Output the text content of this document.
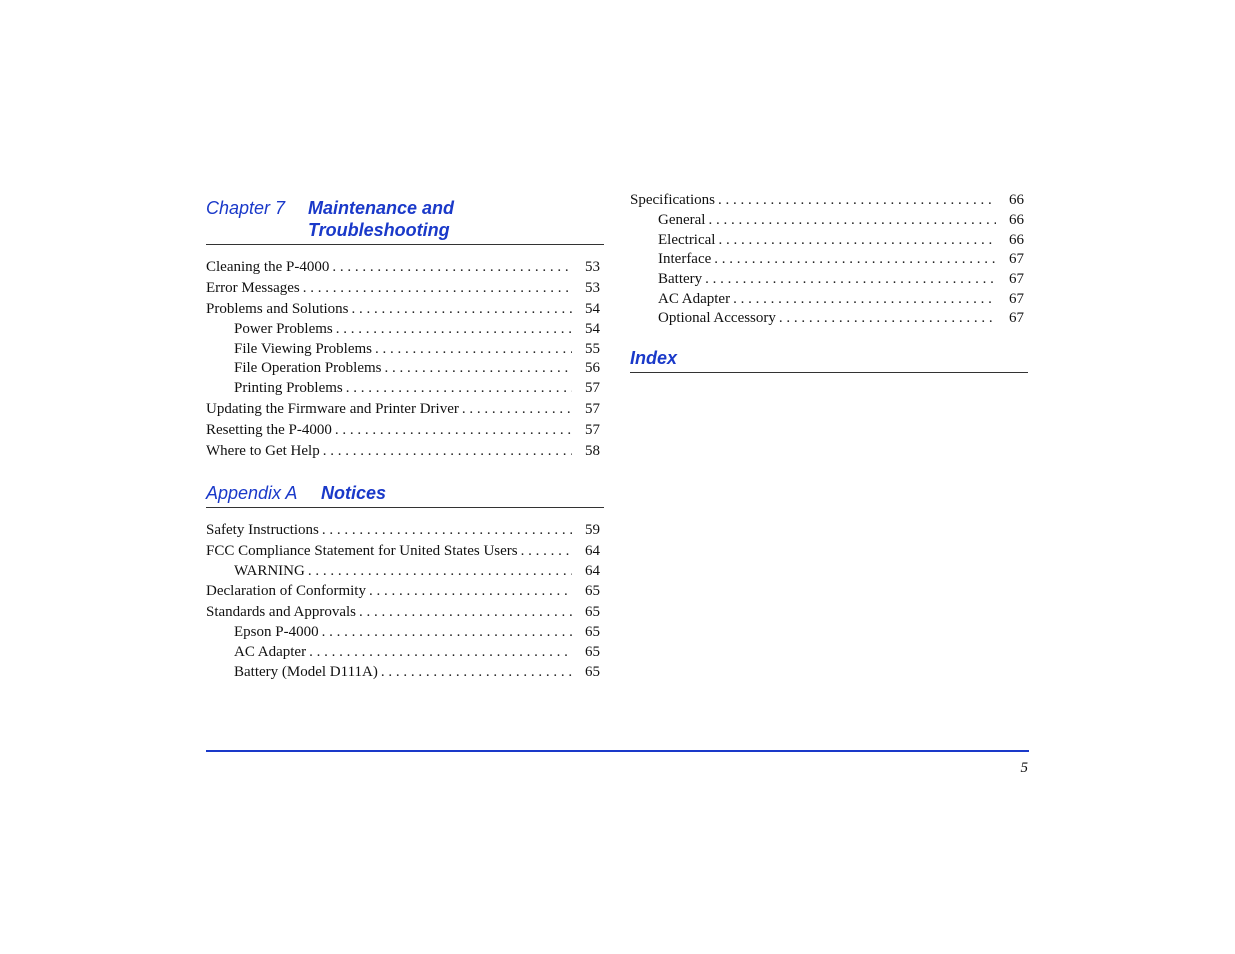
Chapter 7	Maintenance and
Troubleshooting
Cleaning the P-4000 . . .	53
Error Messages . . .	53
Problems and Solutions . . .	54
Power Problems . . .	54
File Viewing Problems . . .	55
File Operation Problems . . .	56
Printing Problems . . .	57
Updating the Firmware and Printer Driver . . .	57
Resetting the P-4000 . . .	57
Where to Get Help . . .	58
Appendix A	Notices
Safety Instructions . . .	59
FCC Compliance Statement for United States Users . . .	64
WARNING . . .	64
Declaration of Conformity . . .	65
Standards and Approvals . . .	65
Epson P-4000 . . .	65
AC Adapter . . .	65
Battery (Model D111A) . . .	65
Specifications . . .	66
General . . .	66
Electrical . . .	66
Interface . . .	67
Battery . . .	67
AC Adapter . . .	67
Optional Accessory . . .	67
Index
5
